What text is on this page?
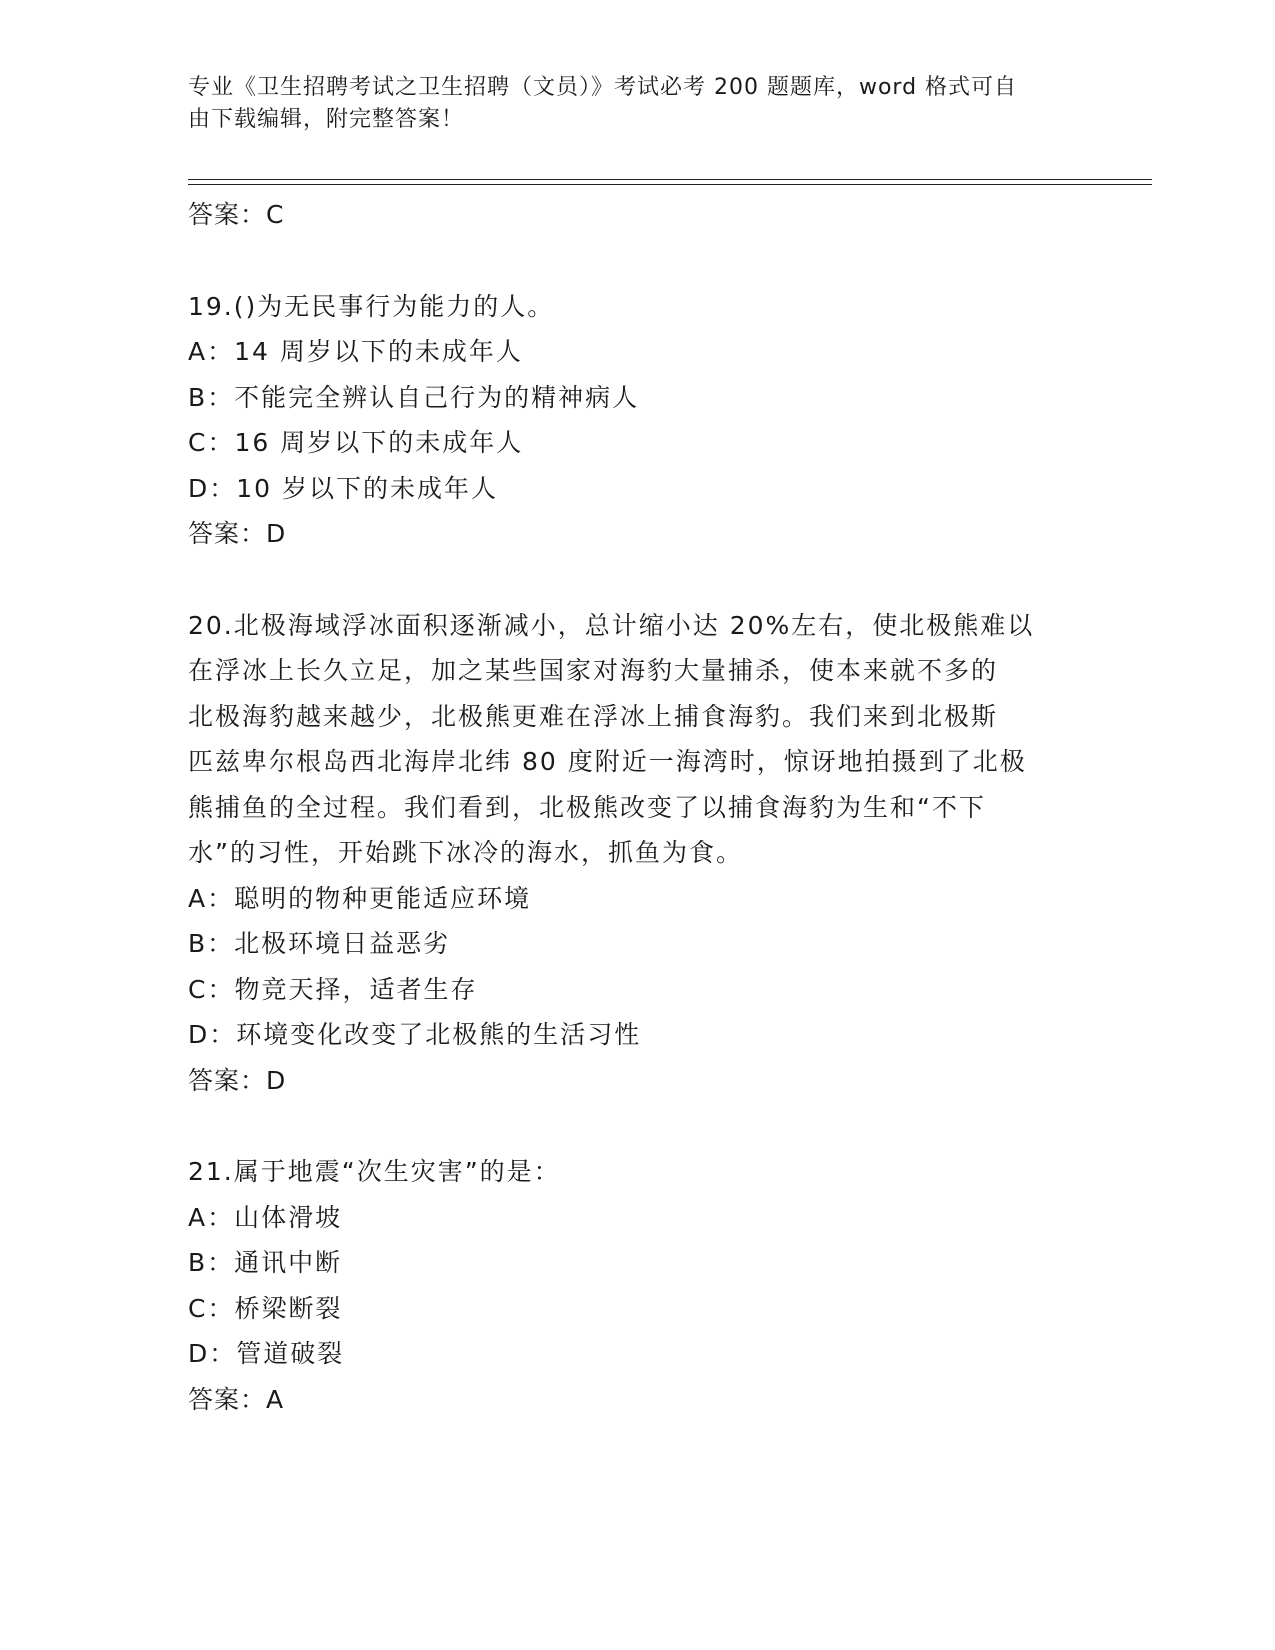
专业《卫生招聘考试之卫生招聘（文员）》考试必考 200 题题库，word 格式可自
由下载编辑，附完整答案！
答案：C
19.()为无民事行为能力的人。
A：14 周岁以下的未成年人
B：不能完全辨认自己行为的精神病人
C：16 周岁以下的未成年人
D：10 岁以下的未成年人
答案：D
20.北极海域浮冰面积逐渐减小，总计缩小达 20%左右，使北极熊难以
在浮冰上长久立足，加之某些国家对海豹大量捕杀，使本来就不多的
北极海豹越来越少，北极熊更难在浮冰上捕食海豹。我们来到北极斯
匹兹卑尔根岛西北海岸北纬 80 度附近一海湾时，惊讶地拍摄到了北极
熊捕鱼的全过程。我们看到，北极熊改变了以捕食海豹为生和“不下
水”的习性，开始跳下冰冷的海水，抓鱼为食。
A：聪明的物种更能适应环境
B：北极环境日益恶劣
C：物竞天择，适者生存
D：环境变化改变了北极熊的生活习性
答案：D
21.属于地震“次生灾害”的是：
A：山体滑坡
B：通讯中断
C：桥梁断裂
D：管道破裂
答案：A
